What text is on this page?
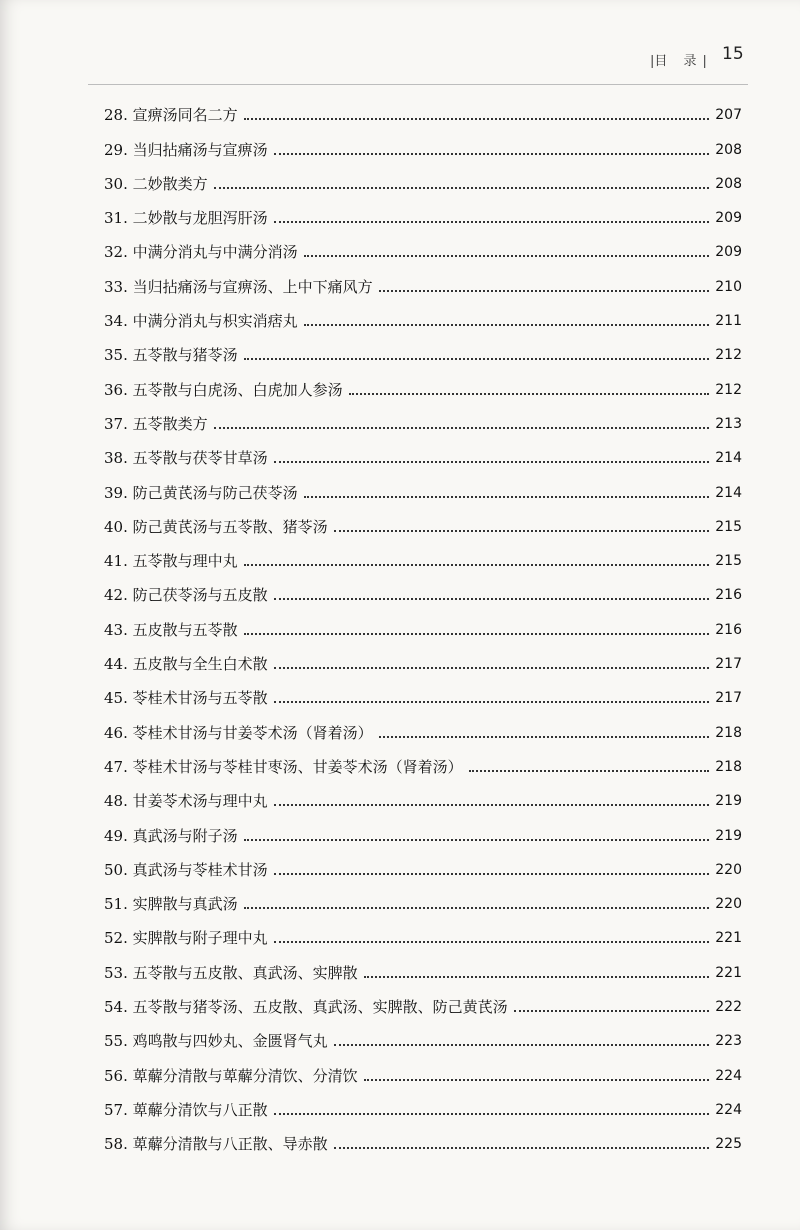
|目 录| 15
28. 宣痹汤同名二方	207
29. 当归拈痛汤与宣痹汤	208
30. 二妙散类方	208
31. 二妙散与龙胆泻肝汤	209
32. 中满分消丸与中满分消汤	209
33. 当归拈痛汤与宣痹汤、上中下痛风方	210
34. 中满分消丸与枳实消痞丸	211
35. 五苓散与猪苓汤	212
36. 五苓散与白虎汤、白虎加人参汤	212
37. 五苓散类方	213
38. 五苓散与茯苓甘草汤	214
39. 防己黄芪汤与防己茯苓汤	214
40. 防己黄芪汤与五苓散、猪苓汤	215
41. 五苓散与理中丸	215
42. 防己茯苓汤与五皮散	216
43. 五皮散与五苓散	216
44. 五皮散与全生白术散	217
45. 苓桂术甘汤与五苓散	217
46. 苓桂术甘汤与甘姜苓术汤（肾着汤）	218
47. 苓桂术甘汤与苓桂甘枣汤、甘姜苓术汤（肾着汤）	218
48. 甘姜苓术汤与理中丸	219
49. 真武汤与附子汤	219
50. 真武汤与苓桂术甘汤	220
51. 实脾散与真武汤	220
52. 实脾散与附子理中丸	221
53. 五苓散与五皮散、真武汤、实脾散	221
54. 五苓散与猪苓汤、五皮散、真武汤、实脾散、防己黄芪汤	222
55. 鸡鸣散与四妙丸、金匮肾气丸	223
56. 萆薢分清散与萆薢分清饮、分清饮	224
57. 萆薢分清饮与八正散	224
58. 萆薢分清散与八正散、导赤散	225
